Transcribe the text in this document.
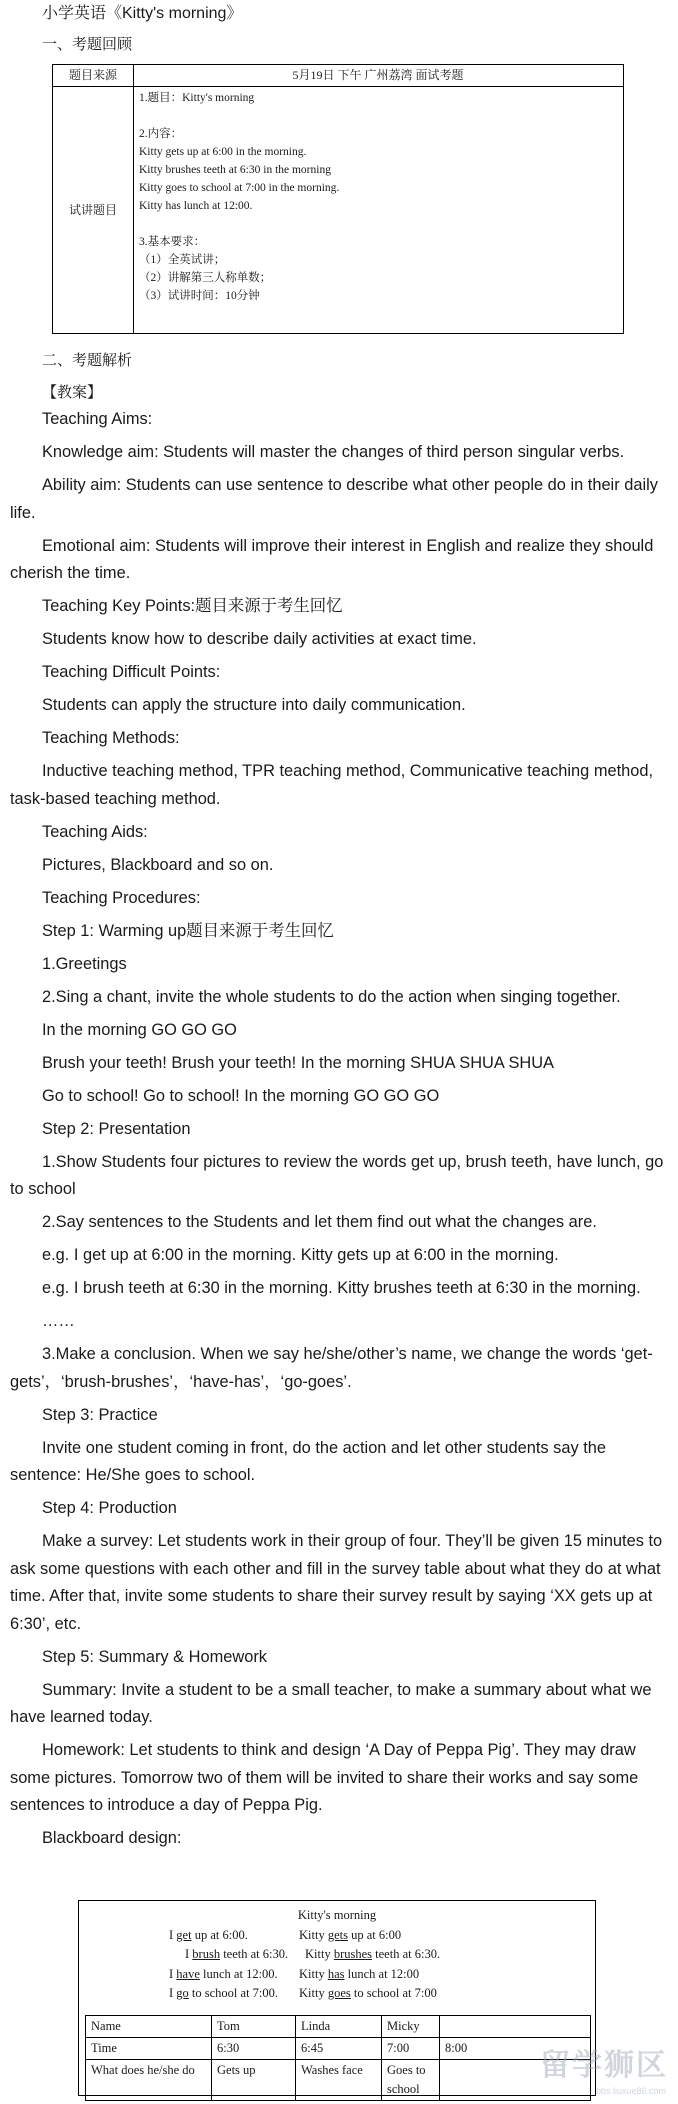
小学英语《Kitty's morning》
一、考题回顾
题目来源	5月19日 下午 广州荔湾 面试考题
试讲题目
1.题目：Kitty's morning
2.内容：
Kitty gets up at 6:00 in the morning.
Kitty brushes teeth at 6:30 in the morning
Kitty goes to school at 7:00 in the morning.
Kitty has lunch at 12:00.
3.基本要求：
（1）全英试讲；
（2）讲解第三人称单数；
（3）试讲时间：10分钟
二、考题解析
【教案】

Teaching Aims:

Knowledge aim: Students will master the changes of third person singular verbs.

Ability aim: Students can use sentence to describe what other people do in their daily life.

Emotional aim: Students will improve their interest in English and realize they should cherish the time.

Teaching Key Points:题目来源于考生回忆

Students know how to describe daily activities at exact time.

Teaching Difficult Points:

Students can apply the structure into daily communication.

Teaching Methods:

Inductive teaching method, TPR teaching method, Communicative teaching method, task-based teaching method.

Teaching Aids:

Pictures, Blackboard and so on.

Teaching Procedures:

Step 1: Warming up题目来源于考生回忆

1.Greetings

2.Sing a chant, invite the whole students to do the action when singing together.

In the morning GO GO GO

Brush your teeth! Brush your teeth! In the morning SHUA SHUA SHUA

Go to school! Go to school! In the morning GO GO GO

Step 2: Presentation

1.Show Students four pictures to review the words get up, brush teeth, have lunch, go to school

2.Say sentences to the Students and let them find out what the changes are.

e.g. I get up at 6:00 in the morning. Kitty gets up at 6:00 in the morning.

e.g. I brush teeth at 6:30 in the morning. Kitty brushes teeth at 6:30 in the morning.

……

3.Make a conclusion. When we say he/she/other’s name, we change the words ‘get-gets’，‘brush-brushes’，‘have-has’，‘go-goes’.

Step 3: Practice

Invite one student coming in front, do the action and let other students say the sentence: He/She goes to school.

Step 4: Production

Make a survey: Let students work in their group of four. They’ll be given 15 minutes to ask some questions with each other and fill in the survey table about what they do at what time. After that, invite some students to share their survey result by saying ‘XX gets up at 6:30’, etc.

Step 5: Summary & Homework

Summary: Invite a student to be a small teacher, to make a summary about what we have learned today.

Homework: Let students to think and design ‘A Day of Peppa Pig’. They may draw some pictures. Tomorrow two of them will be invited to share their works and say some sentences to introduce a day of Peppa Pig.

Blackboard design:

Kitty's morning
I get up at 6:00.	Kitty gets up at 6:00
I brush teeth at 6:30. Kitty brushes teeth at 6:30.
I have lunch at 12:00. Kitty has lunch at 12:00
I go to school at 7:00. Kitty goes to school at 7:00
Name	Tom	Linda	Micky	
Time	6:30	6:45	7:00	8:00
What does he/she do	Gets up	Washes face	Goes to school	
留学狮区
bbs.liuxue86.com
